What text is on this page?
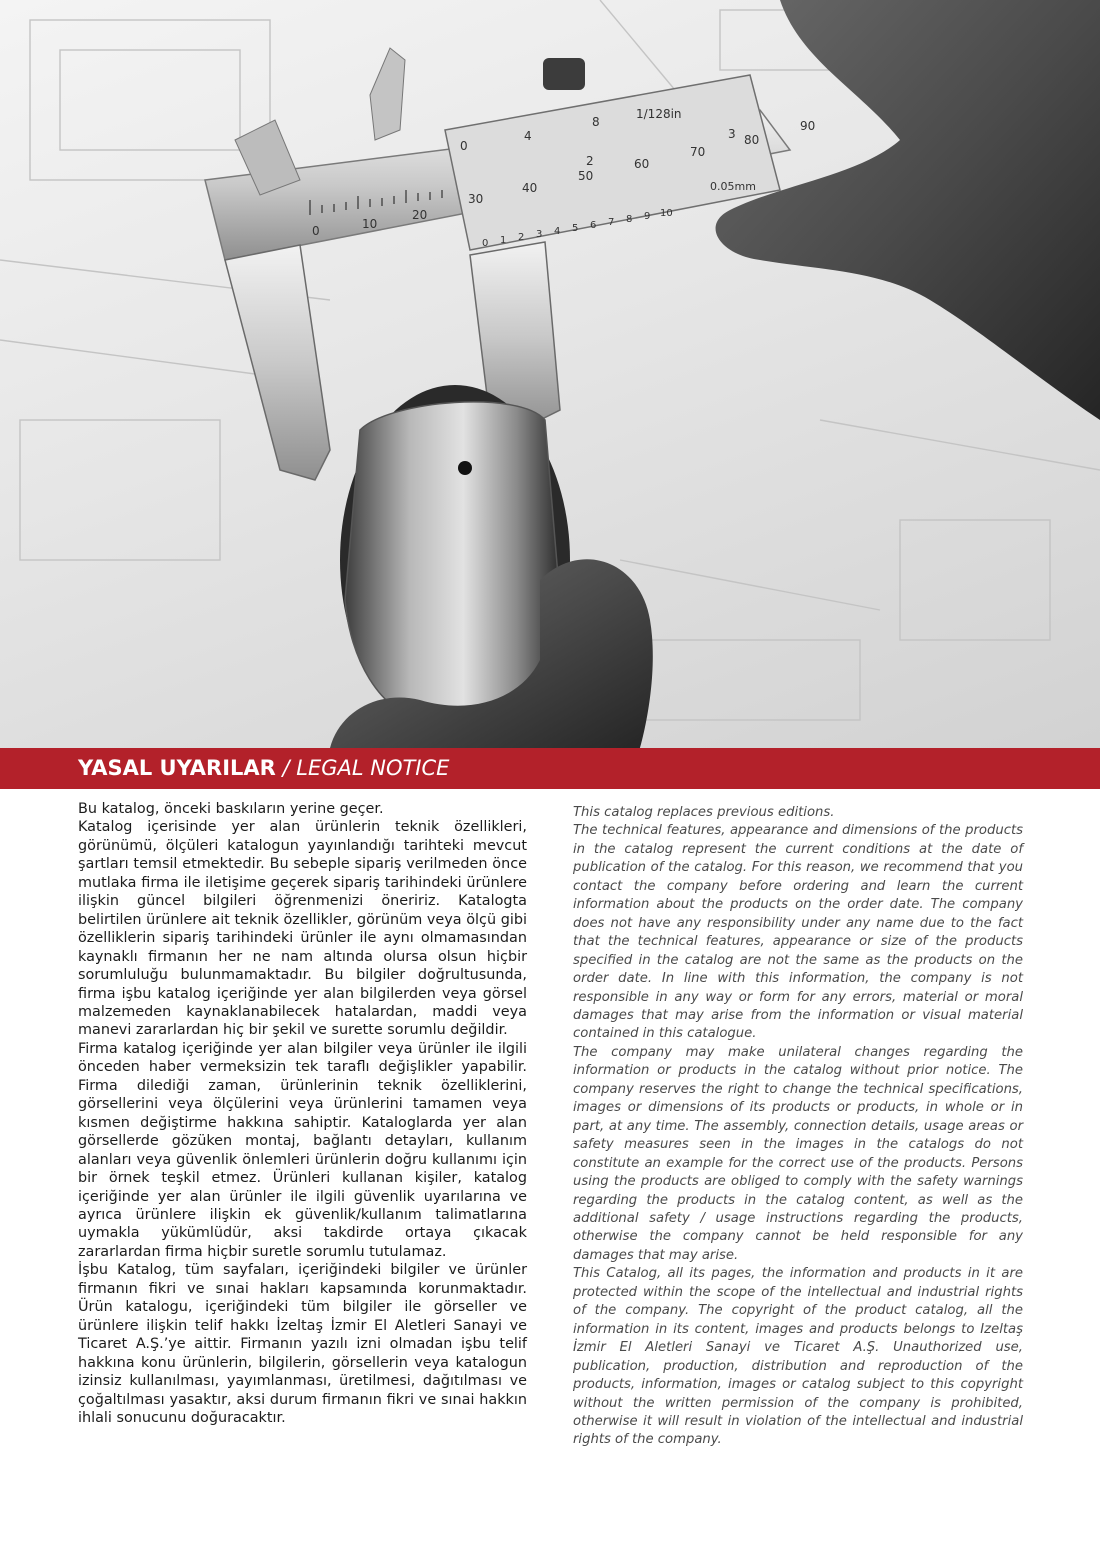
0	10
20
30
40
50
60
70
80
90
0
4
8
1/128in
2
3
0.05mm
0 1 2 3 4 5 6 7 8 9 10
YASAL UYARILAR / LEGAL NOTICE

Bu katalog, önceki baskıların yerine geçer.

Katalog içerisinde yer alan ürünlerin teknik özellikleri, görünümü, ölçüleri katalogun yayınlandığı tarihteki mevcut şartları temsil etmektedir. Bu sebeple sipariş verilmeden önce mutlaka firma ile iletişime geçerek sipariş tarihindeki ürünlere ilişkin güncel bilgileri öğrenmenizi öneririz. Katalogta belirtilen ürünlere ait teknik özellikler, görünüm veya ölçü gibi özelliklerin sipariş tarihindeki ürünler ile aynı olmamasından kaynaklı firmanın her ne nam altında olursa olsun hiçbir sorumluluğu bulunmamaktadır. Bu bilgiler doğrultusunda, firma işbu katalog içeriğinde yer alan bilgilerden veya görsel malzemeden kaynaklanabilecek hatalardan, maddi veya manevi zararlardan hiç bir şekil ve surette sorumlu değildir.

Firma katalog içeriğinde yer alan bilgiler veya ürünler ile ilgili önceden haber vermeksizin tek taraflı değişlikler yapabilir. Firma dilediği zaman, ürünlerinin teknik özelliklerini, görsellerini veya ölçülerini veya ürünlerini tamamen veya kısmen değiştirme hakkına sahiptir. Kataloglarda yer alan görsellerde gözüken montaj, bağlantı detayları, kullanım alanları veya güvenlik önlemleri ürünlerin doğru kullanımı için bir örnek teşkil etmez. Ürünleri kullanan kişiler, katalog içeriğinde yer alan ürünler ile ilgili güvenlik uyarılarına ve ayrıca ürünlere ilişkin ek güvenlik/kullanım talimatlarına uymakla yükümlüdür, aksi takdirde ortaya çıkacak zararlardan firma hiçbir suretle sorumlu tutulamaz.

İşbu Katalog, tüm sayfaları, içeriğindeki bilgiler ve ürünler firmanın fikri ve sınai hakları kapsamında korunmaktadır. Ürün katalogu, içeriğindeki tüm bilgiler ile görseller ve ürünlere ilişkin telif hakkı İzeltaş İzmir El Aletleri Sanayi ve Ticaret A.Ş.’ye aittir. Firmanın yazılı izni olmadan işbu telif hakkına konu ürünlerin, bilgilerin, görsellerin veya katalogun izinsiz kullanılması, yayımlanması, üretilmesi, dağıtılması ve çoğaltılması yasaktır, aksi durum firmanın fikri ve sınai hakkın ihlali sonucunu doğuracaktır.

This catalog replaces previous editions.

The technical features, appearance and dimensions of the products in the catalog represent the current conditions at the date of publication of the catalog. For this reason, we recommend that you contact the company before ordering and learn the current information about the products on the order date. The company does not have any responsibility under any name due to the fact that the technical features, appearance or size of the products specified in the catalog are not the same as the products on the order date. In line with this information, the company is not responsible in any way or form for any errors, material or moral damages that may arise from the information or visual material contained in this catalogue.

The company may make unilateral changes regarding the information or products in the catalog without prior notice. The company reserves the right to change the technical specifications, images or dimensions of its products or products, in whole or in part, at any time. The assembly, connection details, usage areas or safety measures seen in the images in the catalogs do not constitute an example for the correct use of the products. Persons using the products are obliged to comply with the safety warnings regarding the products in the catalog content, as well as the additional safety / usage instructions regarding the products, otherwise the company cannot be held responsible for any damages that may arise.

This Catalog, all its pages, the information and products in it are protected within the scope of the intellectual and industrial rights of the company. The copyright of the product catalog, all the information in its content, images and products belongs to Izeltaş İzmir El Aletleri Sanayi ve Ticaret A.Ş. Unauthorized use, publication, production, distribution and reproduction of the products, information, images or catalog subject to this copyright without the written permission of the company is prohibited, otherwise it will result in violation of the intellectual and industrial rights of the company.
